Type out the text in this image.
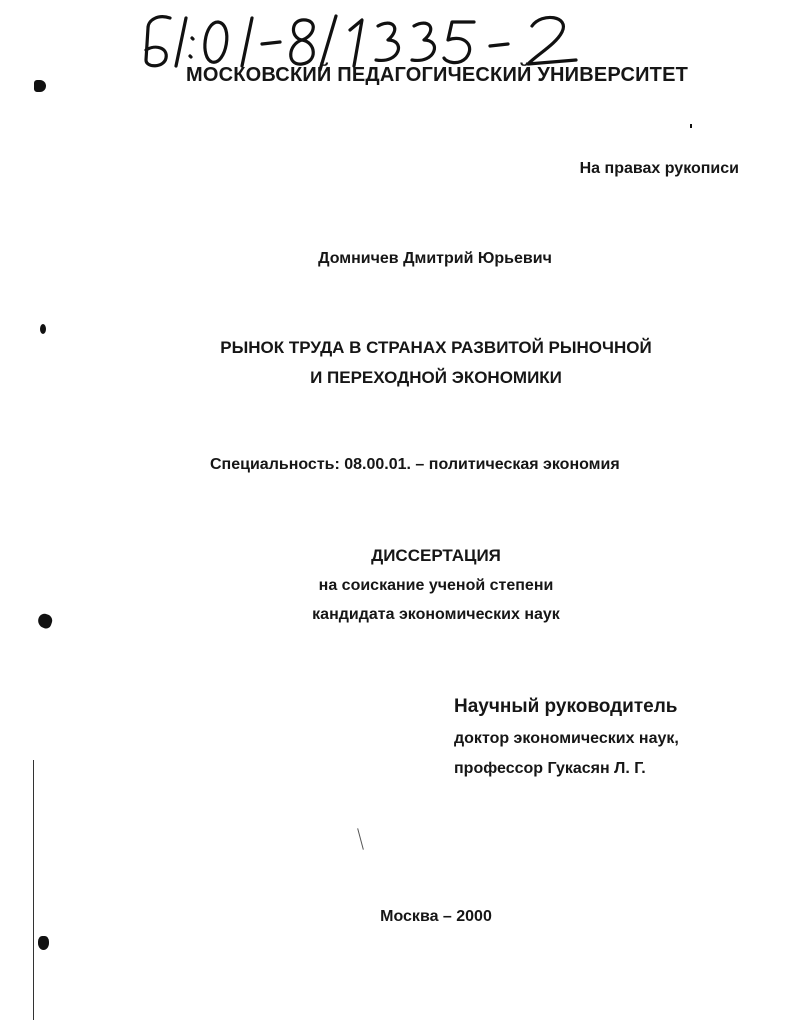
МОСКОВСКИЙ ПЕДАГОГИЧЕСКИЙ УНИВЕРСИТЕТ
На правах рукописи
Домничев Дмитрий Юрьевич
РЫНОК ТРУДА В СТРАНАХ РАЗВИТОЙ РЫНОЧНОЙ
И ПЕРЕХОДНОЙ ЭКОНОМИКИ
Специальность: 08.00.01. – политическая экономия
ДИССЕРТАЦИЯ
на соискание ученой степени
кандидата экономических наук
Научный руководитель
доктор экономических наук,
профессор Гукасян Л. Г.
Москва – 2000
